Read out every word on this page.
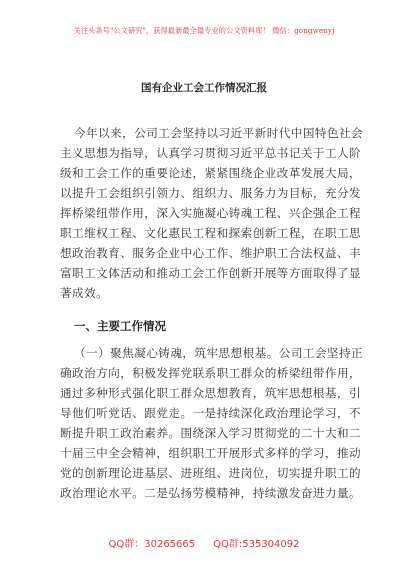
关注头条号"公文研究"，获得最新最全最专业的公文资料库！ 微信：gongwenyj
国有企业工会工作情况汇报
今年以来，公司工会坚持以习近平新时代中国特色社会
主义思想为指导，认真学习贯彻习近平总书记关于工人阶
级和工会工作的重要论述，紧紧围绕企业改革发展大局，
以提升工会组织引领力、组织力、服务力为目标，充分发
挥桥梁纽带作用，深入实施凝心铸魂工程、兴企强企工程
职工维权工程、文化惠民工程和探索创新工程，在职工思
想政治教育、服务企业中心工作、维护职工合法权益、丰
富职工文体活动和推动工会工作创新开展等方面取得了显
著成效。
一、主要工作情况
（一）聚焦凝心铸魂，筑牢思想根基。公司工会坚持正
确政治方向，积极发挥党联系职工群众的桥梁纽带作用，
通过多种形式强化职工群众思想教育，筑牢思想根基，引
导他们听党话、跟党走。一是持续深化政治理论学习，不
断提升职工政治素养。围绕深入学习贯彻党的二十大和二
十届三中全会精神，组织职工开展形式多样的学习，推动
党的创新理论进基层、进班组、进岗位，切实提升职工的
政治理论水平。二是弘扬劳模精神，持续激发奋进力量。
QQ群：30265665 QQ群:535304092
